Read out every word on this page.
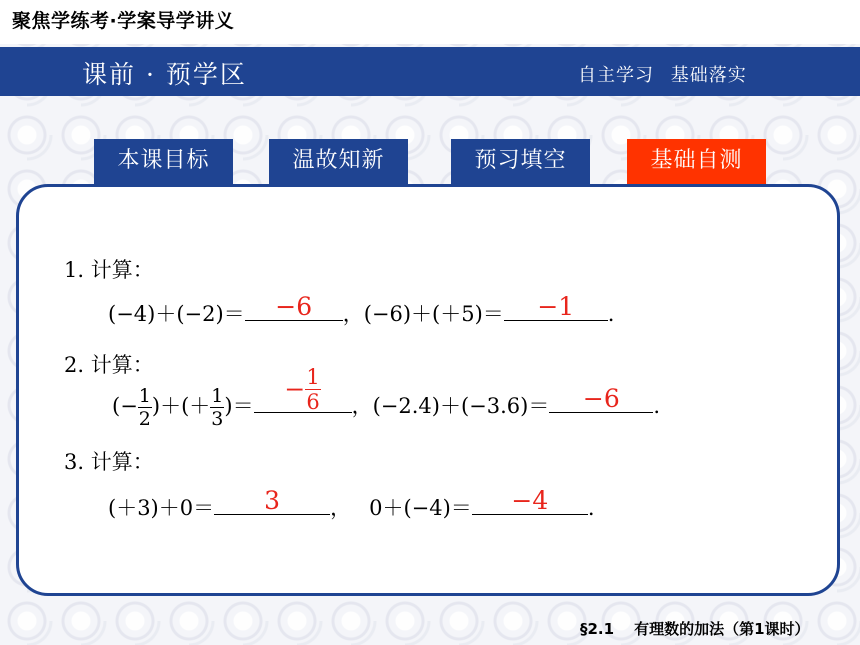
聚焦学练考·学案导学讲义
课前 · 预学区	自主学习 基础落实
本课目标	温故知新	预习填空	基础自测
1. 计算：
(−4)＋(−2)＝	−6	，(−6)＋(＋5)＝	−1	.
2. 计算：
(− $\frac{1}{2}$ )＋(＋ $\frac{1}{3}$ )＝
− $\frac{1}{6}$ ，(−2.4)＋(−3.6)＝	−6	.
3. 计算：
(＋3)＋0＝	3	， 0＋(−4)＝	−4	.
§2.1 有理数的加法（第1课时）
